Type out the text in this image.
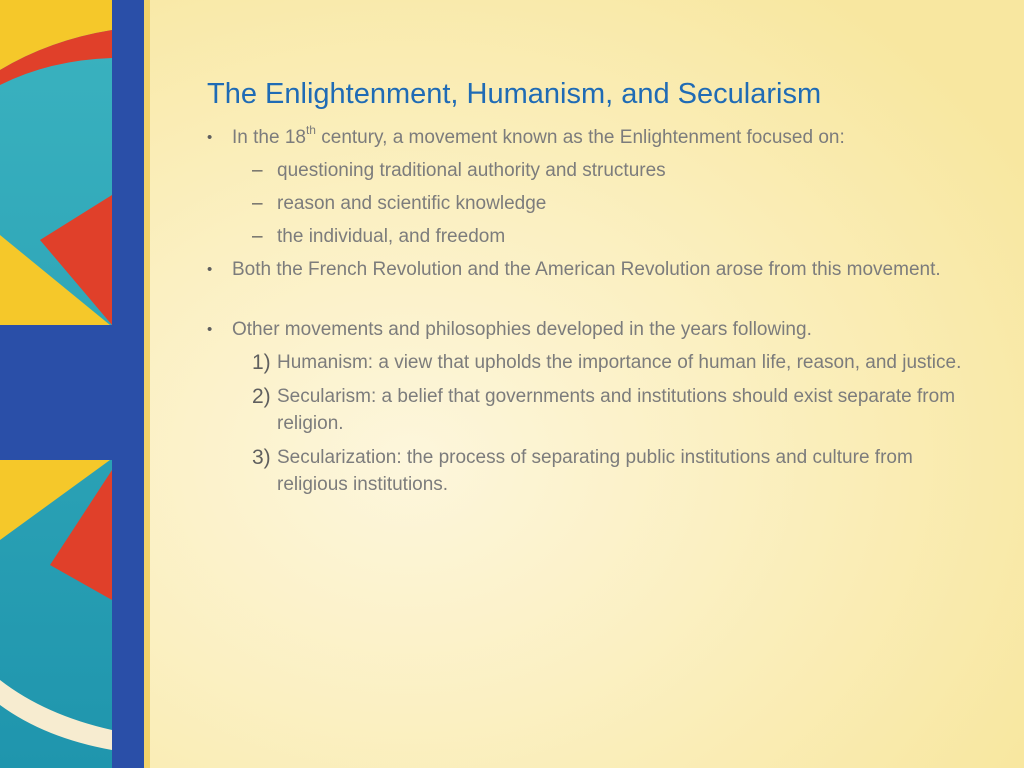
The Enlightenment, Humanism, and Secularism
• In the 18th century, a movement known as the Enlightenment focused on:
– questioning traditional authority and structures
– reason and scientific knowledge
– the individual, and freedom
• Both the French Revolution and the American Revolution arose from this movement.
• Other movements and philosophies developed in the years following.
1) Humanism: a view that upholds the importance of human life, reason, and justice.
2) Secularism: a belief that governments and institutions should exist separate from religion.
3) Secularization: the process of separating public institutions and culture from religious institutions.
